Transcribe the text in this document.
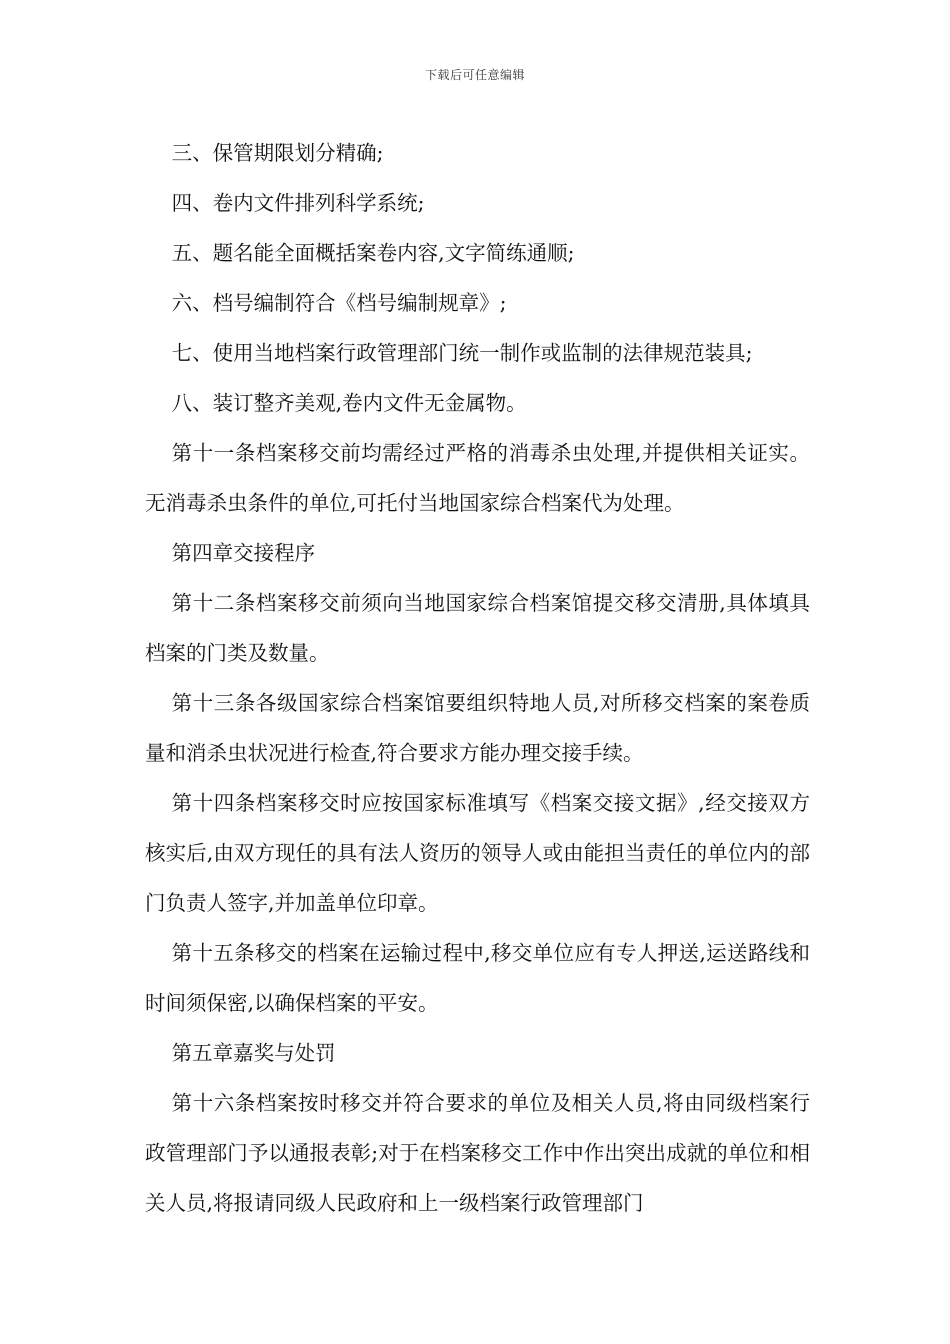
下载后可任意编辑

三、保管期限划分精确;

四、卷内文件排列科学系统;

五、题名能全面概括案卷内容,文字简练通顺;

六、档号编制符合《档号编制规章》;

七、使用当地档案行政管理部门统一制作或监制的法律规范装具;

八、装订整齐美观,卷内文件无金属物。

第十一条档案移交前均需经过严格的消毒杀虫处理,并提供相关证实。无消毒杀虫条件的单位,可托付当地国家综合档案代为处理。

第四章交接程序

第十二条档案移交前须向当地国家综合档案馆提交移交清册,具体填具档案的门类及数量。

第十三条各级国家综合档案馆要组织特地人员,对所移交档案的案卷质量和消杀虫状况进行检查,符合要求方能办理交接手续。

第十四条档案移交时应按国家标准填写《档案交接文据》,经交接双方核实后,由双方现任的具有法人资历的领导人或由能担当责任的单位内的部门负责人签字,并加盖单位印章。

第十五条移交的档案在运输过程中,移交单位应有专人押送,运送路线和时间须保密,以确保档案的平安。

第五章嘉奖与处罚

第十六条档案按时移交并符合要求的单位及相关人员,将由同级档案行政管理部门予以通报表彰;对于在档案移交工作中作出突出成就的单位和相关人员,将报请同级人民政府和上一级档案行政管理部门
